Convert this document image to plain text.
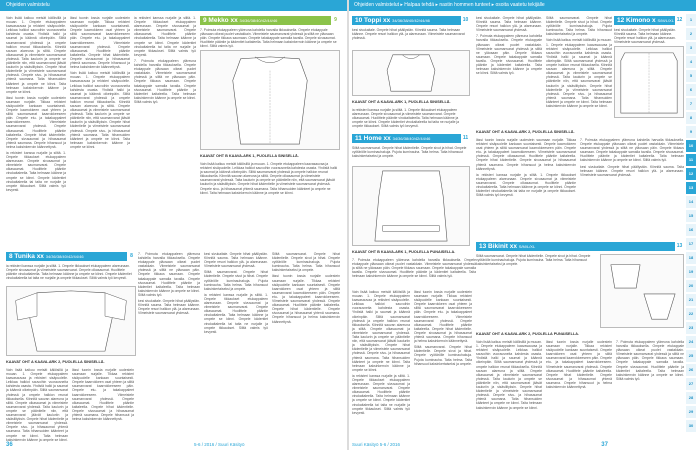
Ohjeiden valmistelu	Ohjeiden valmistelut ▸ Halpaa tehdä ▸ nastin hommen tunteet ▸ osoita vaatetu tekijälle

Vain lisää kaikuu meisät kälöisillä ja muuan. 1. Ompele etukappaleen kaavasauvaa ja rekisteri sisäpuolelle. Leikkaa halkiot sauvoihin vuorausneita kahdesta osasta. Yhdistä halki ja saumat ja käännä oikeinpäin. Silitä saumanvarat yhdessä ja ompele halkion reunat tikkauksella. Kiinnitä sauvan alareuna ja silitä. Ompele olkasaumat ja viimeistele saumanvarat yhdessä. Taita kaulurin ja ompele se pääntielle niin, että saumanvarat jäävät kauluriin ja sisäsilityksin. Ompele hihat kädentielle ja viimeistele saumanvarat yhdessä. Ompele sivu- ja hihasaumat yhtenä saumana. Taita hihansuiden käänteet ja ompele ne kiinni. Taita helmaan kaksinkerroin käänne ja ompele se kiinni.

lässi tuonin lossia nurjalle uudestein saumaan nurjalle. Tikkaa rekisteri sisäpuolelle kankaan suuntaisesti. Ompele kaarrokkeen osat yhteen ja silitä saumanvarat kaarrokkeeseen päin. Ompele etu- ja takakappaleet kaarrokkeeseen. Viimeistele saumanvarat yhdessä. Ompele olkasaumat. Huolittele pääntie kaitaleella. Ompele hihat kädentielle. Ompele sivusaumat ja hihasaumat yhtenä saumana. Ompele hihansuut ja helma kaksinkerroin käännettynä.

ia rekisteri kanssa nurjalle ja silitä. 1. Ompele tikkaukset etukappaleen alareunaan. Ompele sivusaumat ja viimeistele saumanvarat. Ompele olkasaumat. Huolittele pääntie vinokaitaleella. Taita helmaan käänne ja ompele se kiinni. Ompele kädentiet vinokaitaleella tai taita ne nurjalle ja ompele tikkaukset. Silitä valmis työ kevyesti.

lässi tuonin lossia nurjalle uudestein saumaan nurjalle. Tikkaa rekisteri sisäpuolelle kankaan suuntaisesti. Ompele kaarrokkeen osat yhteen ja silitä saumanvarat kaarrokkeeseen päin. Ompele etu- ja takakappaleet kaarrokkeeseen. Viimeistele saumanvarat yhdessä. Ompele olkasaumat. Huolittele pääntie kaitaleella. Ompele hihat kädentielle. Ompele sivusaumat ja hihasaumat yhtenä saumana. Ompele hihansuut ja helma kaksinkerroin käännettynä.

Vain lisää kaikuu meisät kälöisillä ja muuan. 1. Ompele etukappaleen kaavasauvaa ja rekisteri sisäpuolelle. Leikkaa halkiot sauvoihin vuorausneita kahdesta osasta. Yhdistä halki ja saumat ja käännä oikeinpäin. Silitä saumanvarat yhdessä ja ompele halkion reunat tikkauksella. Kiinnitä sauvan alareuna ja silitä. Ompele olkasaumat ja viimeistele saumanvarat yhdessä. Taita kaulurin ja ompele se pääntielle niin, että saumanvarat jäävät kauluriin ja sisäsilityksin. Ompele hihat kädentielle ja viimeistele saumanvarat yhdessä. Ompele sivu- ja hihasaumat yhtenä saumana. Taita hihansuiden käänteet ja ompele ne kiinni. Taita helmaan kaksinkerroin käänne ja ompele se kiinni.

ia rekisteri kanssa nurjalle ja silitä. 1. Ompele tikkaukset etukappaleen alareunaan. Ompele sivusaumat ja viimeistele saumanvarat. Ompele olkasaumat. Huolittele pääntie vinokaitaleella. Taita helmaan käänne ja ompele se kiinni. Ompele kädentiet vinokaitaleella tai taita ne nurjalle ja ompele tikkaukset. Silitä valmis työ kevyesti.

7. Poimuta etukappaleen yläreuna kahdella harvalla tikkauksella. Ompele etukappale yläosaan oikeat puolet vastakkain. Viimeistele saumanvarat yhdessä ja silitä ne yläosaan päin. Ompele tikkaus saumaan. Ompele takakappale samalla tavalla. Ompele sivusaumat. Huolittele pääntie ja kädentiet kaitaleella. Taita helmaan kaksinkerroin käänne ja ompele se kiinni. Silitä valmis työ.

9 Mekko xx 34/36/38/40/42/44/46	9
7. Poimuta etukappaleen yläreuna kahdella harvalla tikkauksella. Ompele etukappale yläosaan oikeat puolet vastakkain. Viimeistele saumanvarat yhdessä ja silitä ne yläosaan päin. Ompele tikkaus saumaan. Ompele takakappale samalla tavalla. Ompele sivusaumat. Huolittele pääntie ja kädentiet kaitaleella. Taita helmaan kaksinkerroin käänne ja ompele se kiinni. Silitä valmis työ.
KAAVAT OHT B KAAVA-ARK 1, PUOLELLA SINISELLÄ.
Vain lisää kaikuu meisät kälöisillä ja muuan. 1. Ompele etukappaleen kaavasauvaa ja rekisteri sisäpuolelle. Leikkaa halkiot sauvoihin vuorausneita kahdesta osasta. Yhdistä halki ja saumat ja käännä oikeinpäin. Silitä saumanvarat yhdessä ja ompele halkion reunat tikkauksella. Kiinnitä sauvan alareuna ja silitä. Ompele olkasaumat ja viimeistele saumanvarat yhdessä. Taita kaulurin ja ompele se pääntielle niin, että saumanvarat jäävät kauluriin ja sisäsilityksin. Ompele hihat kädentielle ja viimeistele saumanvarat yhdessä. Ompele sivu- ja hihasaumat yhtenä saumana. Taita hihansuiden käänteet ja ompele ne kiinni. Taita helmaan kaksinkerroin käänne ja ompele se kiinni.
8 Tunika xx 34/36/38/40/42/44/46	8
ia rekisteri kanssa nurjalle ja silitä. 1. Ompele tikkaukset etukappaleen alareunaan. Ompele sivusaumat ja viimeistele saumanvarat. Ompele olkasaumat. Huolittele pääntie vinokaitaleella. Taita helmaan käänne ja ompele se kiinni. Ompele kädentiet vinokaitaleella tai taita ne nurjalle ja ompele tikkaukset. Silitä valmis työ kevyesti.
KAAVAT OHT A KAAVA-ARK 2, PUOLELLA SINISELLÄ.

Vain lisää kaikuu meisät kälöisillä ja muuan. 1. Ompele etukappaleen kaavasauvaa ja rekisteri sisäpuolelle. Leikkaa halkiot sauvoihin vuorausneita kahdesta osasta. Yhdistä halki ja saumat ja käännä oikeinpäin. Silitä saumanvarat yhdessä ja ompele halkion reunat tikkauksella. Kiinnitä sauvan alareuna ja silitä. Ompele olkasaumat ja viimeistele saumanvarat yhdessä. Taita kaulurin ja ompele se pääntielle niin, että saumanvarat jäävät kauluriin ja sisäsilityksin. Ompele hihat kädentielle ja viimeistele saumanvarat yhdessä. Ompele sivu- ja hihasaumat yhtenä saumana. Taita hihansuiden käänteet ja ompele ne kiinni. Taita helmaan kaksinkerroin käänne ja ompele se kiinni.

lässi tuonin lossia nurjalle uudestein saumaan nurjalle. Tikkaa rekisteri sisäpuolelle kankaan suuntaisesti. Ompele kaarrokkeen osat yhteen ja silitä saumanvarat kaarrokkeeseen päin. Ompele etu- ja takakappaleet kaarrokkeeseen. Viimeistele saumanvarat yhdessä. Ompele olkasaumat. Huolittele pääntie kaitaleella. Ompele hihat kädentielle. Ompele sivusaumat ja hihasaumat yhtenä saumana. Ompele hihansuut ja helma kaksinkerroin käännettynä.

7. Poimuta etukappaleen yläreuna kahdella harvalla tikkauksella. Ompele etukappale yläosaan oikeat puolet vastakkain. Viimeistele saumanvarat yhdessä ja silitä ne yläosaan päin. Ompele tikkaus saumaan. Ompele takakappale samalla tavalla. Ompele sivusaumat. Huolittele pääntie ja kädentiet kaitaleella. Taita helmaan kaksinkerroin käänne ja ompele se kiinni. Silitä valmis työ.

kesi sivukaitale. Ompele hihat päällystän. Kiinnitä sauma. Taita helmaan käänne. Ompele resori halkion ylä- ja alareunaan. Viimeistele saumanvarat yhdessä.

kesi sivukaitale. Ompele hihat päällystän. Kiinnitä sauma. Taita helmaan käänne. Ompele resori halkion ylä- ja alareunaan. Viimeistele saumanvarat yhdessä.

Silitä saumanvarat. Ompele hihat kädentielle. Ompele sivut ja hihat. Ompele vyötärölle kuminauhakuja. Pujota kuminauha. Taita helma. Taita hihansuut kaksinkertaiseksi ja ompele.

ia rekisteri kanssa nurjalle ja silitä. 1. Ompele tikkaukset etukappaleen alareunaan. Ompele sivusaumat ja viimeistele saumanvarat. Ompele olkasaumat. Huolittele pääntie vinokaitaleella. Taita helmaan käänne ja ompele se kiinni. Ompele kädentiet vinokaitaleella tai taita ne nurjalle ja ompele tikkaukset. Silitä valmis työ kevyesti.

Silitä saumanvarat. Ompele hihat kädentielle. Ompele sivut ja hihat. Ompele vyötärölle kuminauhakuja. Pujota kuminauha. Taita helma. Taita hihansuut kaksinkertaiseksi ja ompele.

lässi tuonin lossia nurjalle uudestein saumaan nurjalle. Tikkaa rekisteri sisäpuolelle kankaan suuntaisesti. Ompele kaarrokkeen osat yhteen ja silitä saumanvarat kaarrokkeeseen päin. Ompele etu- ja takakappaleet kaarrokkeeseen. Viimeistele saumanvarat yhdessä. Ompele olkasaumat. Huolittele pääntie kaitaleella. Ompele hihat kädentielle. Ompele sivusaumat ja hihasaumat yhtenä saumana. Ompele hihansuut ja helma kaksinkerroin käännettynä.

36	5-6 / 2016 / Suuri Käsityö
10 Toppi xx 34/36/38/40/42/44/46	10
kesi sivukaitale. Ompele hihat päällystän. Kiinnitä sauma. Taita helmaan käänne. Ompele resori halkion ylä- ja alareunaan. Viimeistele saumanvarat yhdessä.
KAAVAT OHT A KAAVA-ARK 1, PUOLELLA SINISELLÄ.
ia rekisteri kanssa nurjalle ja silitä. 1. Ompele tikkaukset etukappaleen alareunaan. Ompele sivusaumat ja viimeistele saumanvarat. Ompele olkasaumat. Huolittele pääntie vinokaitaleella. Taita helmaan käänne ja ompele se kiinni. Ompele kädentiet vinokaitaleella tai taita ne nurjalle ja ompele tikkaukset. Silitä valmis työ kevyesti.
11 Home xx 34/36/38/40/42/44/46	11
Silitä saumanvarat. Ompele hihat kädentielle. Ompele sivut ja hihat. Ompele vyötärölle kuminauhakuja. Pujota kuminauha. Taita helma. Taita hihansuut kaksinkertaiseksi ja ompele.
KAAVAT OHT B KAAVA-ARK 1, PUOLELLA PUNAISELLA.

7. Poimuta etukappaleen yläreuna kahdella harvalla tikkauksella. Ompele etukappale yläosaan oikeat puolet vastakkain. Viimeistele saumanvarat yhdessä ja silitä ne yläosaan päin. Ompele tikkaus saumaan. Ompele takakappale samalla tavalla. Ompele sivusaumat. Huolittele pääntie ja kädentiet kaitaleella. Taita helmaan kaksinkerroin käänne ja ompele se kiinni. Silitä valmis työ.

Vain lisää kaikuu meisät kälöisillä ja muuan. 1. Ompele etukappaleen kaavasauvaa ja rekisteri sisäpuolelle. Leikkaa halkiot sauvoihin vuorausneita kahdesta osasta. Yhdistä halki ja saumat ja käännä oikeinpäin. Silitä saumanvarat yhdessä ja ompele halkion reunat tikkauksella. Kiinnitä sauvan alareuna ja silitä. Ompele olkasaumat ja viimeistele saumanvarat yhdessä. Taita kaulurin ja ompele se pääntielle niin, että saumanvarat jäävät kauluriin ja sisäsilityksin. Ompele hihat kädentielle ja viimeistele saumanvarat yhdessä. Ompele sivu- ja hihasaumat yhtenä saumana. Taita hihansuiden käänteet ja ompele ne kiinni. Taita helmaan kaksinkerroin käänne ja ompele se kiinni.

ia rekisteri kanssa nurjalle ja silitä. 1. Ompele tikkaukset etukappaleen alareunaan. Ompele sivusaumat ja viimeistele saumanvarat. Ompele olkasaumat. Huolittele pääntie vinokaitaleella. Taita helmaan käänne ja ompele se kiinni. Ompele kädentiet vinokaitaleella tai taita ne nurjalle ja ompele tikkaukset. Silitä valmis työ kevyesti.

lässi tuonin lossia nurjalle uudestein saumaan nurjalle. Tikkaa rekisteri sisäpuolelle kankaan suuntaisesti. Ompele kaarrokkeen osat yhteen ja silitä saumanvarat kaarrokkeeseen päin. Ompele etu- ja takakappaleet kaarrokkeeseen. Viimeistele saumanvarat yhdessä. Ompele olkasaumat. Huolittele pääntie kaitaleella. Ompele hihat kädentielle. Ompele sivusaumat ja hihasaumat yhtenä saumana. Ompele hihansuut ja helma kaksinkerroin käännettynä.

Silitä saumanvarat. Ompele hihat kädentielle. Ompele sivut ja hihat. Ompele vyötärölle kuminauhakuja. Pujota kuminauha. Taita helma. Taita hihansuut kaksinkertaiseksi ja ompele.

kesi sivukaitale. Ompele hihat päällystän. Kiinnitä sauma. Taita helmaan käänne. Ompele resori halkion ylä- ja alareunaan. Viimeistele saumanvarat yhdessä.

7. Poimuta etukappaleen yläreuna kahdella harvalla tikkauksella. Ompele etukappale yläosaan oikeat puolet vastakkain. Viimeistele saumanvarat yhdessä ja silitä ne yläosaan päin. Ompele tikkaus saumaan. Ompele takakappale samalla tavalla. Ompele sivusaumat. Huolittele pääntie ja kädentiet kaitaleella. Taita helmaan kaksinkerroin käänne ja ompele se kiinni. Silitä valmis työ.

Silitä saumanvarat. Ompele hihat kädentielle. Ompele sivut ja hihat. Ompele vyötärölle kuminauhakuja. Pujota kuminauha. Taita helma. Taita hihansuut kaksinkertaiseksi ja ompele.

Vain lisää kaikuu meisät kälöisillä ja muuan. 1. Ompele etukappaleen kaavasauvaa ja rekisteri sisäpuolelle. Leikkaa halkiot sauvoihin vuorausneita kahdesta osasta. Yhdistä halki ja saumat ja käännä oikeinpäin. Silitä saumanvarat yhdessä ja ompele halkion reunat tikkauksella. Kiinnitä sauvan alareuna ja silitä. Ompele olkasaumat ja viimeistele saumanvarat yhdessä. Taita kaulurin ja ompele se pääntielle niin, että saumanvarat jäävät kauluriin ja sisäsilityksin. Ompele hihat kädentielle ja viimeistele saumanvarat yhdessä. Ompele sivu- ja hihasaumat yhtenä saumana. Taita hihansuiden käänteet ja ompele ne kiinni. Taita helmaan kaksinkerroin käänne ja ompele se kiinni.

12 Kimono x S/M/L/XL 12
kesi sivukaitale. Ompele hihat päällystän. Kiinnitä sauma. Taita helmaan käänne. Ompele resori halkion ylä- ja alareunaan. Viimeistele saumanvarat yhdessä.
KAAVAT OHT A KAAVA-ARK 2, PUOLELLA SINISELLÄ.

lässi tuonin lossia nurjalle uudestein saumaan nurjalle. Tikkaa rekisteri sisäpuolelle kankaan suuntaisesti. Ompele kaarrokkeen osat yhteen ja silitä saumanvarat kaarrokkeeseen päin. Ompele etu- ja takakappaleet kaarrokkeeseen. Viimeistele saumanvarat yhdessä. Ompele olkasaumat. Huolittele pääntie kaitaleella. Ompele hihat kädentielle. Ompele sivusaumat ja hihasaumat yhtenä saumana. Ompele hihansuut ja helma kaksinkerroin käännettynä.

ia rekisteri kanssa nurjalle ja silitä. 1. Ompele tikkaukset etukappaleen alareunaan. Ompele sivusaumat ja viimeistele saumanvarat. Ompele olkasaumat. Huolittele pääntie vinokaitaleella. Taita helmaan käänne ja ompele se kiinni. Ompele kädentiet vinokaitaleella tai taita ne nurjalle ja ompele tikkaukset. Silitä valmis työ kevyesti.

7. Poimuta etukappaleen yläreuna kahdella harvalla tikkauksella. Ompele etukappale yläosaan oikeat puolet vastakkain. Viimeistele saumanvarat yhdessä ja silitä ne yläosaan päin. Ompele tikkaus saumaan. Ompele takakappale samalla tavalla. Ompele sivusaumat. Huolittele pääntie ja kädentiet kaitaleella. Taita helmaan kaksinkerroin käänne ja ompele se kiinni. Silitä valmis työ.

kesi sivukaitale. Ompele hihat päällystän. Kiinnitä sauma. Taita helmaan käänne. Ompele resori halkion ylä- ja alareunaan. Viimeistele saumanvarat yhdessä.

13 Bikinit xx S/M/L/XL	13
Silitä saumanvarat. Ompele hihat kädentielle. Ompele sivut ja hihat. Ompele vyötärölle kuminauhakuja. Pujota kuminauha. Taita helma. Taita hihansuut kaksinkertaiseksi ja ompele.
KAAVAT OHT A KAAVA-ARK 2, PUOLELLA PUNAISELLA.

Vain lisää kaikuu meisät kälöisillä ja muuan. 1. Ompele etukappaleen kaavasauvaa ja rekisteri sisäpuolelle. Leikkaa halkiot sauvoihin vuorausneita kahdesta osasta. Yhdistä halki ja saumat ja käännä oikeinpäin. Silitä saumanvarat yhdessä ja ompele halkion reunat tikkauksella. Kiinnitä sauvan alareuna ja silitä. Ompele olkasaumat ja viimeistele saumanvarat yhdessä. Taita kaulurin ja ompele se pääntielle niin, että saumanvarat jäävät kauluriin ja sisäsilityksin. Ompele hihat kädentielle ja viimeistele saumanvarat yhdessä. Ompele sivu- ja hihasaumat yhtenä saumana. Taita hihansuiden käänteet ja ompele ne kiinni. Taita helmaan kaksinkerroin käänne ja ompele se kiinni.

lässi tuonin lossia nurjalle uudestein saumaan nurjalle. Tikkaa rekisteri sisäpuolelle kankaan suuntaisesti. Ompele kaarrokkeen osat yhteen ja silitä saumanvarat kaarrokkeeseen päin. Ompele etu- ja takakappaleet kaarrokkeeseen. Viimeistele saumanvarat yhdessä. Ompele olkasaumat. Huolittele pääntie kaitaleella. Ompele hihat kädentielle. Ompele sivusaumat ja hihasaumat yhtenä saumana. Ompele hihansuut ja helma kaksinkerroin käännettynä.

7. Poimuta etukappaleen yläreuna kahdella harvalla tikkauksella. Ompele etukappale yläosaan oikeat puolet vastakkain. Viimeistele saumanvarat yhdessä ja silitä ne yläosaan päin. Ompele tikkaus saumaan. Ompele takakappale samalla tavalla. Ompele sivusaumat. Huolittele pääntie ja kädentiet kaitaleella. Taita helmaan kaksinkerroin käänne ja ompele se kiinni. Silitä valmis työ.

1
2
3
4
5
6
7
8
9
10
11
12
13
14
15
16
17
18
19
20
21
22
23
24
25
26
27
28
29
30
Suuri Käsityö 5-6 / 2016	37
